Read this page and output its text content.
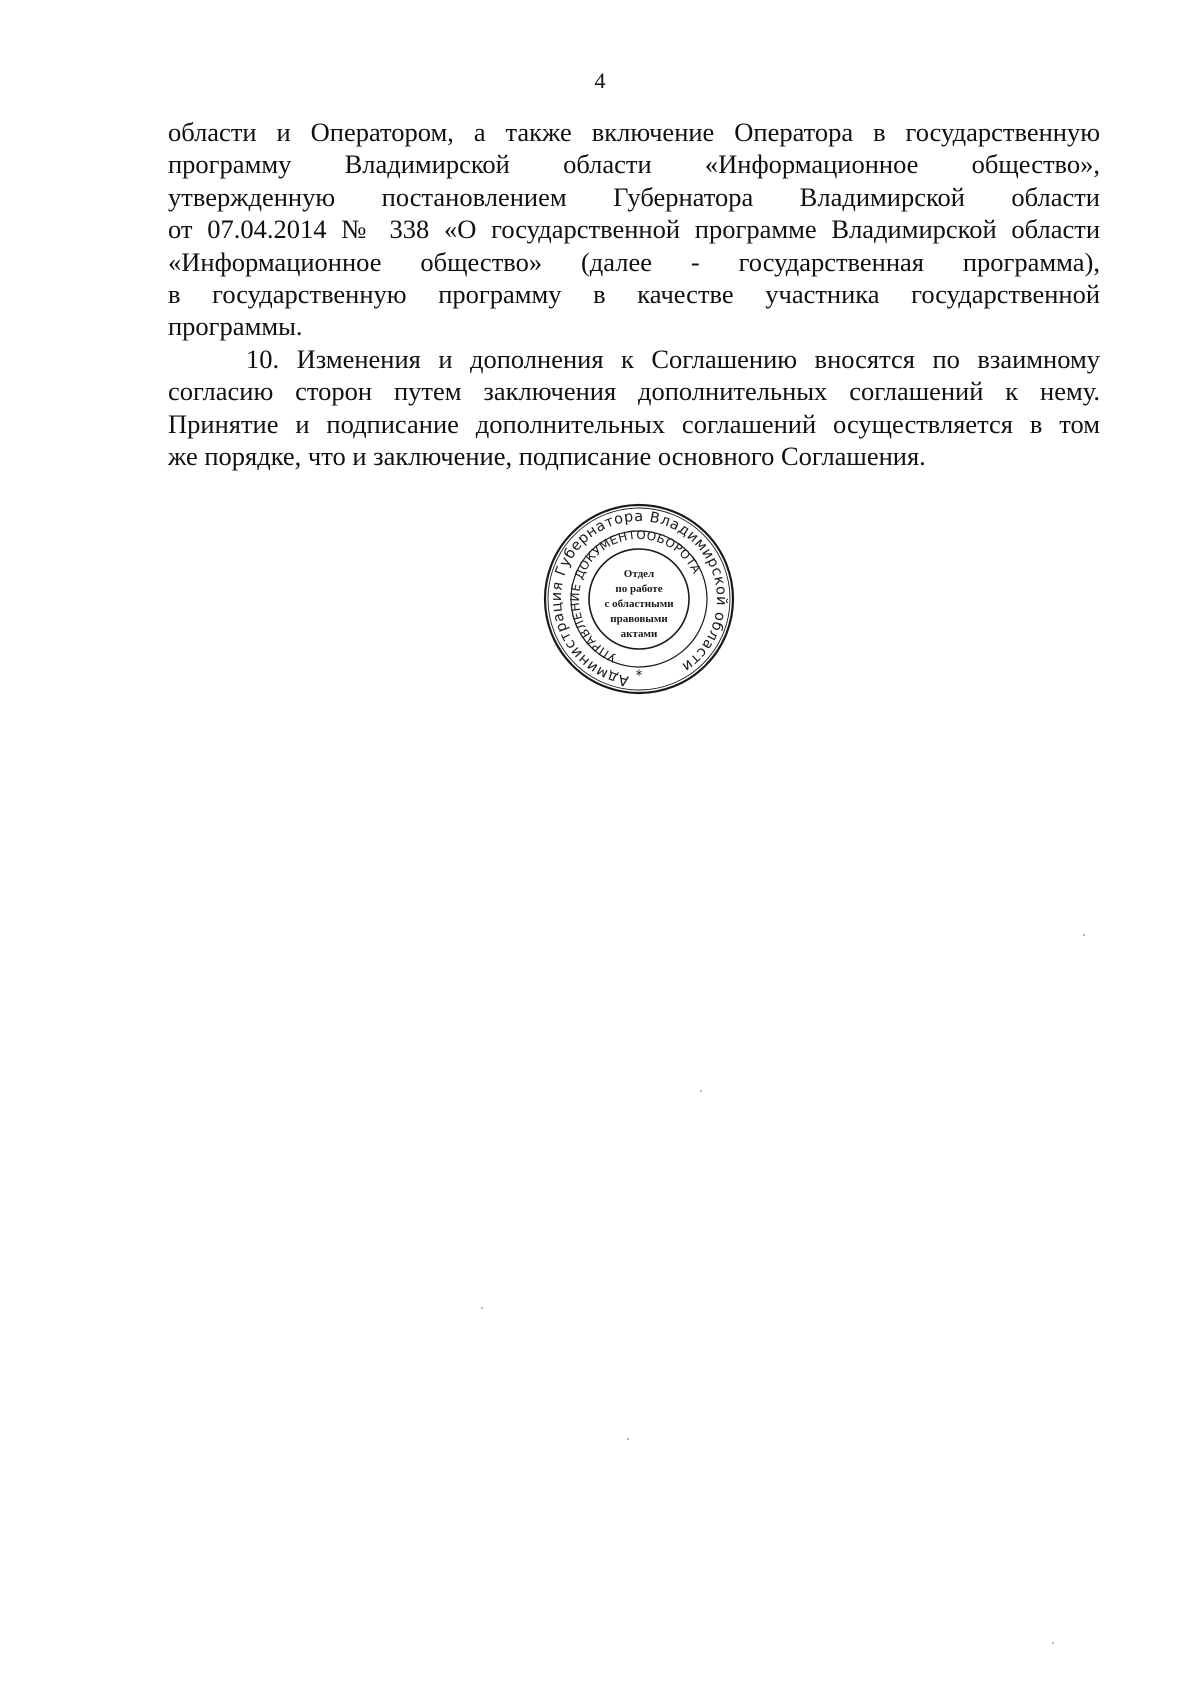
4

области и Оператором, а также включение Оператора в государственную
программу Владимирской области «Информационное общество»,
утвержденную постановлением Губернатора Владимирской области
от 07.04.2014 № 338 «О государственной программе Владимирской области
«Информационное общество» (далее - государственная программа),
в государственную программу в качестве участника государственной
программы.

10. Изменения и дополнения к Соглашению вносятся по взаимному
согласию сторон путем заключения дополнительных соглашений к нему.
Принятие и подписание дополнительных соглашений осуществляется в том
же порядке, что и заключение, подписание основного Соглашения.

Администрация Губернатора Владимирской области
УПРАВЛЕНИЕ ДОКУМЕНТООБОРОТА
*
Отдел
по работе
с областными
правовыми
актами
